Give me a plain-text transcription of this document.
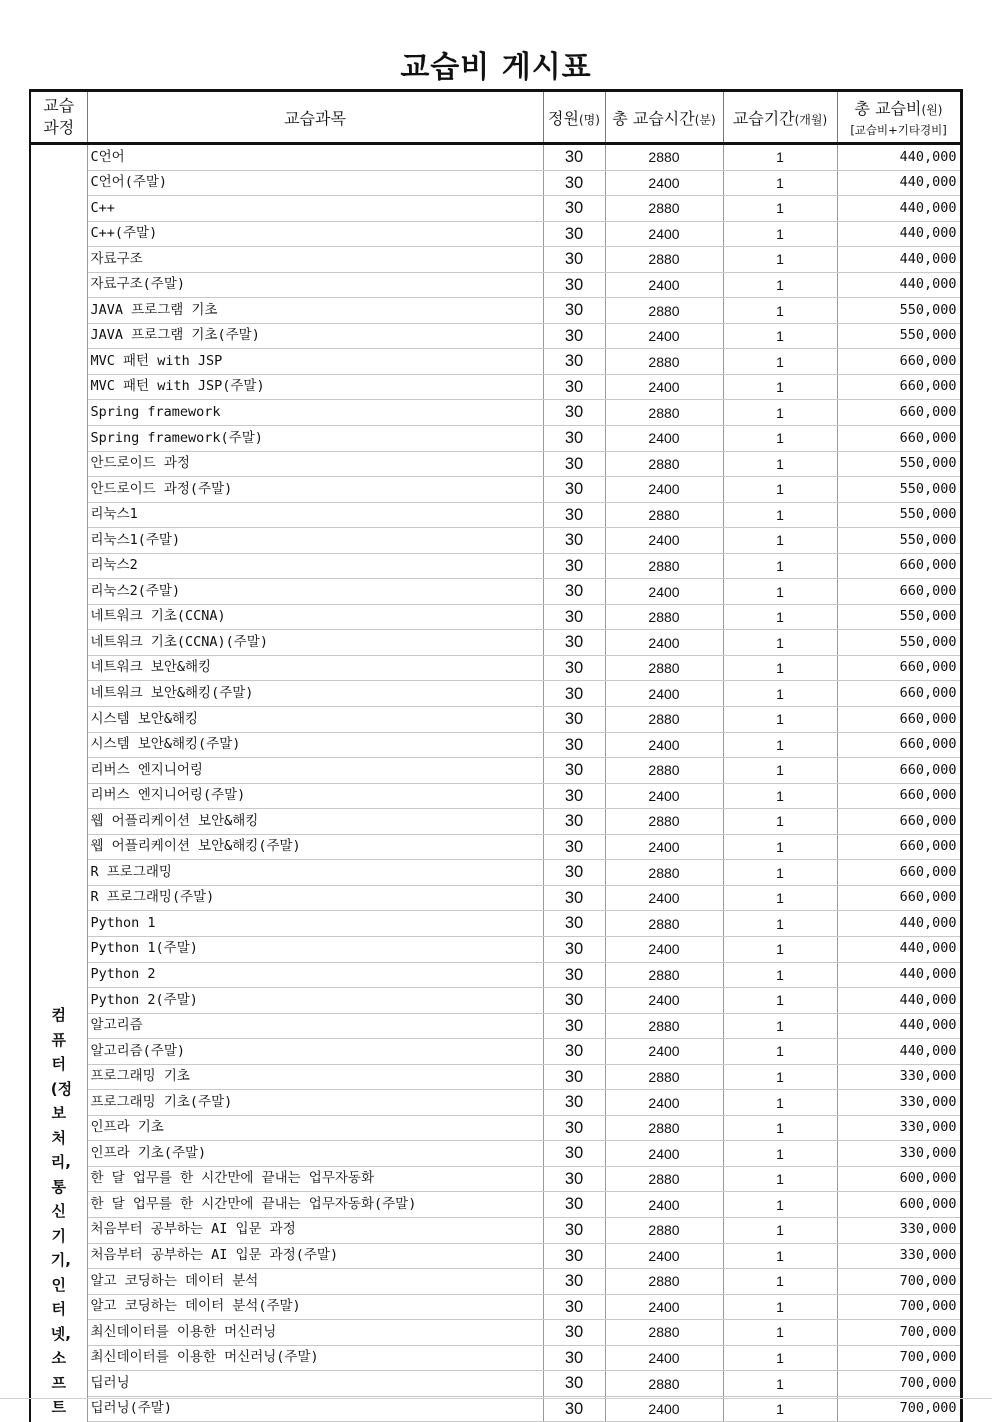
교습비 게시표
교습과정	교습과목	정원(명)	총 교습시간(분)	교습기간(개월)	총 교습비(원)
[교습비+기타경비]

컴퓨터(정보처리,통신기기,인터넷,소프트	C언어	30	2880	1	440,000
	C언어(주말)	30	2400	1	440,000
	C++	30	2880	1	440,000
	C++(주말)	30	2400	1	440,000
	자료구조	30	2880	1	440,000
	자료구조(주말)	30	2400	1	440,000
	JAVA 프로그램 기초	30	2880	1	550,000
	JAVA 프로그램 기초(주말)	30	2400	1	550,000
	MVC 패턴 with JSP	30	2880	1	660,000
	MVC 패턴 with JSP(주말)	30	2400	1	660,000
	Spring framework	30	2880	1	660,000
	Spring framework(주말)	30	2400	1	660,000
	안드로이드 과정	30	2880	1	550,000
	안드로이드 과정(주말)	30	2400	1	550,000
	리눅스1	30	2880	1	550,000
	리눅스1(주말)	30	2400	1	550,000
	리눅스2	30	2880	1	660,000
	리눅스2(주말)	30	2400	1	660,000
	네트워크 기초(CCNA)	30	2880	1	550,000
	네트워크 기초(CCNA)(주말)	30	2400	1	550,000
	네트워크 보안&해킹	30	2880	1	660,000
	네트워크 보안&해킹(주말)	30	2400	1	660,000
	시스템 보안&해킹	30	2880	1	660,000
	시스템 보안&해킹(주말)	30	2400	1	660,000
	리버스 엔지니어링	30	2880	1	660,000
	리버스 엔지니어링(주말)	30	2400	1	660,000
	웹 어플리케이션 보안&해킹	30	2880	1	660,000
	웹 어플리케이션 보안&해킹(주말)	30	2400	1	660,000
	R 프로그래밍	30	2880	1	660,000
	R 프로그래밍(주말)	30	2400	1	660,000
	Python 1	30	2880	1	440,000
	Python 1(주말)	30	2400	1	440,000
	Python 2	30	2880	1	440,000
	Python 2(주말)	30	2400	1	440,000
	알고리즘	30	2880	1	440,000
	알고리즘(주말)	30	2400	1	440,000
	프로그래밍 기초	30	2880	1	330,000
	프로그래밍 기초(주말)	30	2400	1	330,000
	인프라 기초	30	2880	1	330,000
	인프라 기초(주말)	30	2400	1	330,000
	한 달 업무를 한 시간만에 끝내는 업무자동화	30	2880	1	600,000
	한 달 업무를 한 시간만에 끝내는 업무자동화(주말)	30	2400	1	600,000
	처음부터 공부하는 AI 입문 과정	30	2880	1	330,000
	처음부터 공부하는 AI 입문 과정(주말)	30	2400	1	330,000
	알고 코딩하는 데이터 분석	30	2880	1	700,000
	알고 코딩하는 데이터 분석(주말)	30	2400	1	700,000
	최신데이터를 이용한 머신러닝	30	2880	1	700,000
	최신데이터를 이용한 머신러닝(주말)	30	2400	1	700,000
	딥러닝	30	2880	1	700,000
	딥러닝(주말)	30	2400	1	700,000
